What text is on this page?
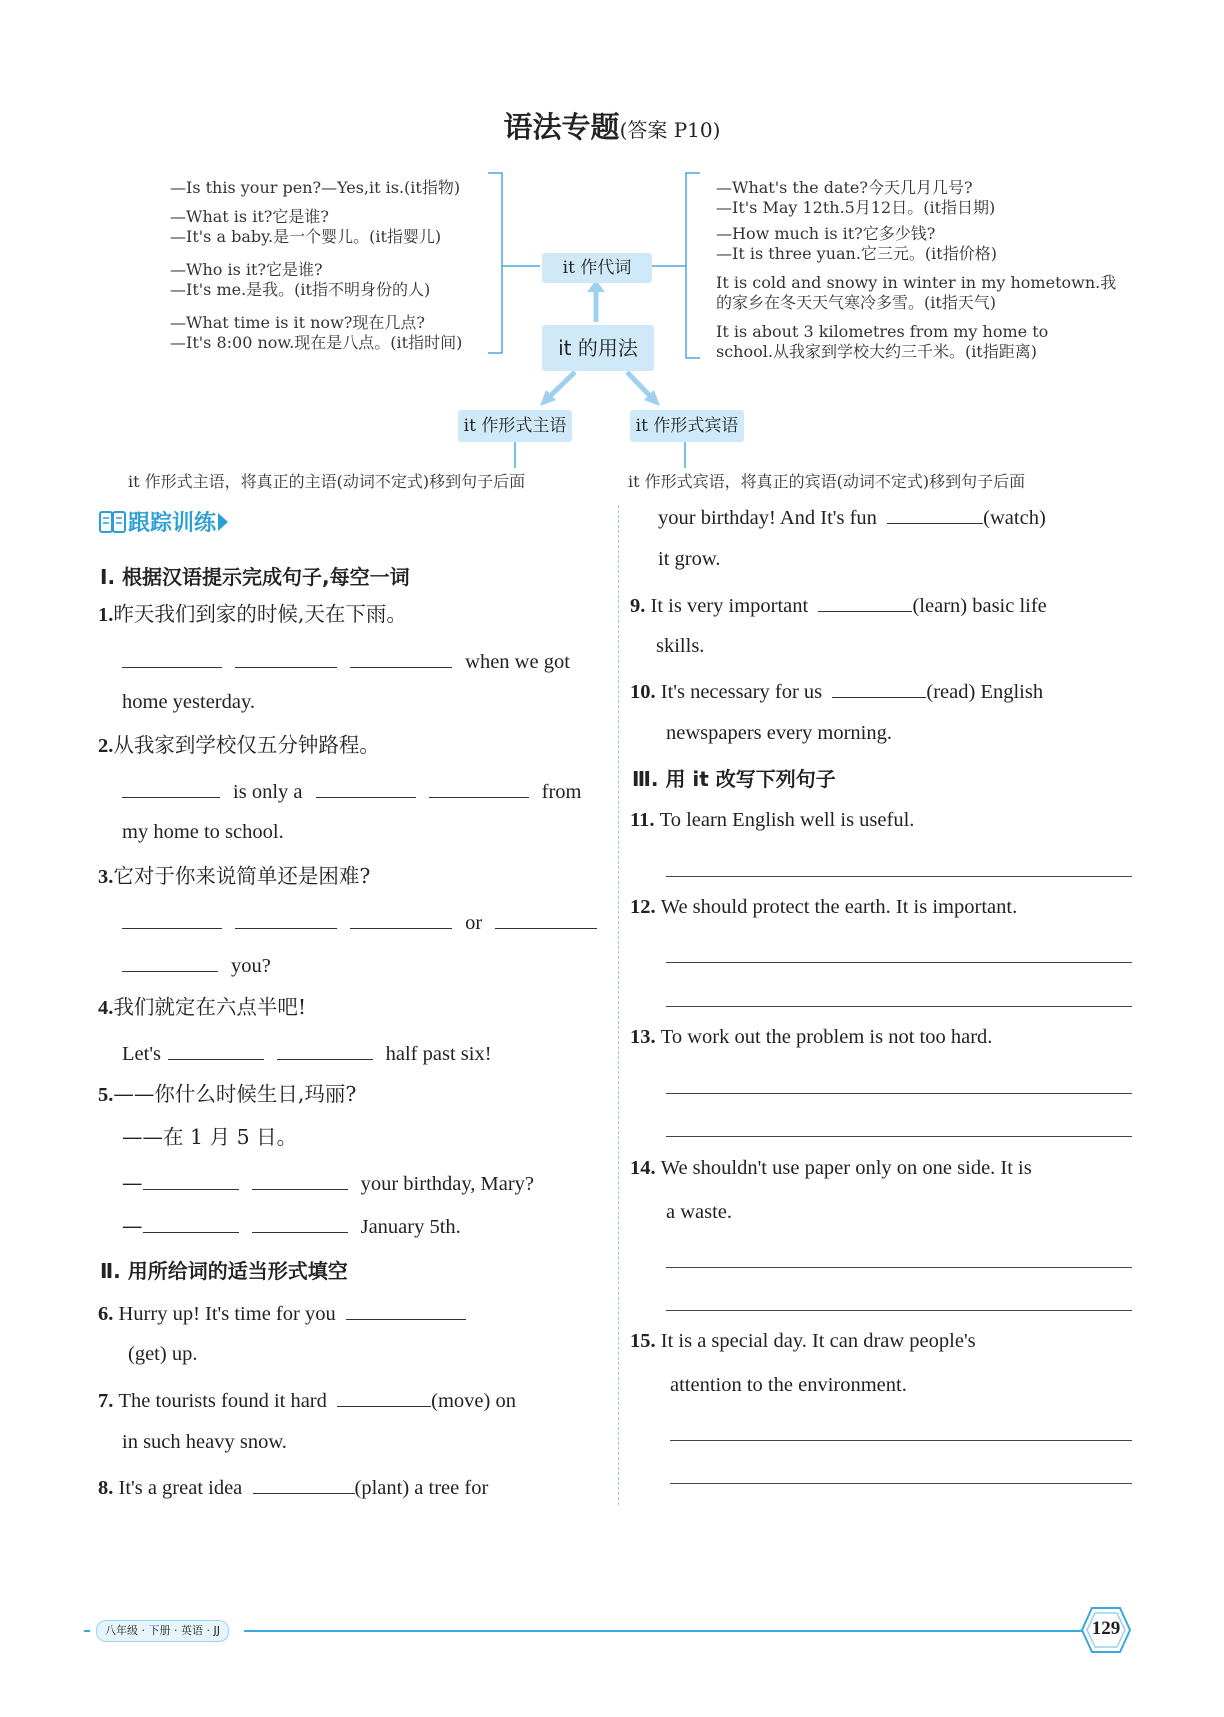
语法专题(答案 P10)
it 作代词
it 的用法
it 作形式主语	it 作形式宾语
—Is this your pen?—Yes,it is.(it指物)
—What is it?它是谁?
—It's a baby.是一个婴儿。(it指婴儿)
—Who is it?它是谁?
—It's me.是我。(it指不明身份的人)
—What time is it now?现在几点?
—It's 8:00 now.现在是八点。(it指时间)
—What's the date?今天几月几号?
—It's May 12th.5月12日。(it指日期)
—How much is it?它多少钱?
—It is three yuan.它三元。(it指价格)
It is cold and snowy in winter in my hometown.我
的家乡在冬天天气寒冷多雪。(it指天气)
It is about 3 kilometres from my home to
school.从我家到学校大约三千米。(it指距离)
it 作形式主语，将真正的主语(动词不定式)移到句子后面	it 作形式宾语，将真正的宾语(动词不定式)移到句子后面
跟踪训练
Ⅰ. 根据汉语提示完成句子,每空一词
1.昨天我们到家的时候,天在下雨。
when we got
home yesterday.
2.从我家到学校仅五分钟路程。
is only a	from
my home to school.
3.它对于你来说简单还是困难?
or
you?
4.我们就定在六点半吧!
Let's	half past six!
5.——你什么时候生日,玛丽?
——在 1 月 5 日。
—	your birthday, Mary?
—	January 5th.
Ⅱ. 用所给词的适当形式填空
6. Hurry up! It's time for you
(get) up.
7. The tourists found it hard	(move) on
in such heavy snow.
8. It's a great idea	(plant) a tree for
your birthday! And It's fun	(watch)
it grow.
9. It is very important	(learn) basic life
skills.
10. It's necessary for us	(read) English
newspapers every morning.
Ⅲ. 用 it 改写下列句子
11. To learn English well is useful.
12. We should protect the earth. It is important.
13. To work out the problem is not too hard.
14. We shouldn't use paper only on one side. It is
a waste.
15. It is a special day. It can draw people's
attention to the environment.
八年级 · 下册 · 英语 · JJ	129
